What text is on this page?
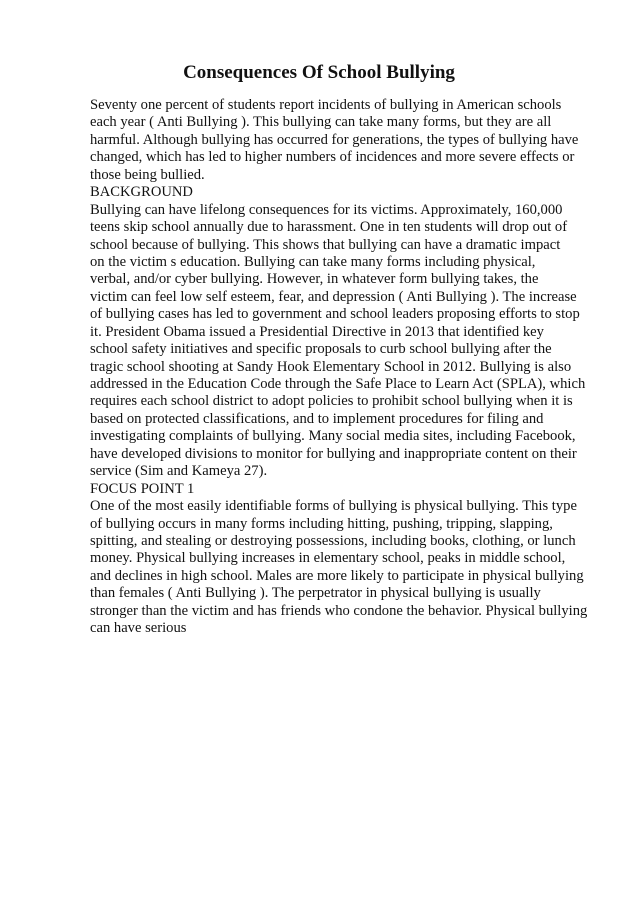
Consequences Of School Bullying
Seventy one percent of students report incidents of bullying in American schools
each year ( Anti Bullying ). This bullying can take many forms, but they are all
harmful. Although bullying has occurred for generations, the types of bullying have
changed, which has led to higher numbers of incidences and more severe effects or
those being bullied.
BACKGROUND
Bullying can have lifelong consequences for its victims. Approximately, 160,000
teens skip school annually due to harassment. One in ten students will drop out of
school because of bullying. This shows that bullying can have a dramatic impact
on the victim s education. Bullying can take many forms including physical,
verbal, and/or cyber bullying. However, in whatever form bullying takes, the
victim can feel low self esteem, fear, and depression ( Anti Bullying ). The increase
of bullying cases has led to government and school leaders proposing efforts to stop
it. President Obama issued a Presidential Directive in 2013 that identified key
school safety initiatives and specific proposals to curb school bullying after the
tragic school shooting at Sandy Hook Elementary School in 2012. Bullying is also
addressed in the Education Code through the Safe Place to Learn Act (SPLA), which
requires each school district to adopt policies to prohibit school bullying when it is
based on protected classifications, and to implement procedures for filing and
investigating complaints of bullying. Many social media sites, including Facebook,
have developed divisions to monitor for bullying and inappropriate content on their
service (Sim and Kameya 27).
FOCUS POINT 1
One of the most easily identifiable forms of bullying is physical bullying. This type
of bullying occurs in many forms including hitting, pushing, tripping, slapping,
spitting, and stealing or destroying possessions, including books, clothing, or lunch
money. Physical bullying increases in elementary school, peaks in middle school,
and declines in high school. Males are more likely to participate in physical bullying
than females ( Anti Bullying ). The perpetrator in physical bullying is usually
stronger than the victim and has friends who condone the behavior. Physical bullying
can have serious
